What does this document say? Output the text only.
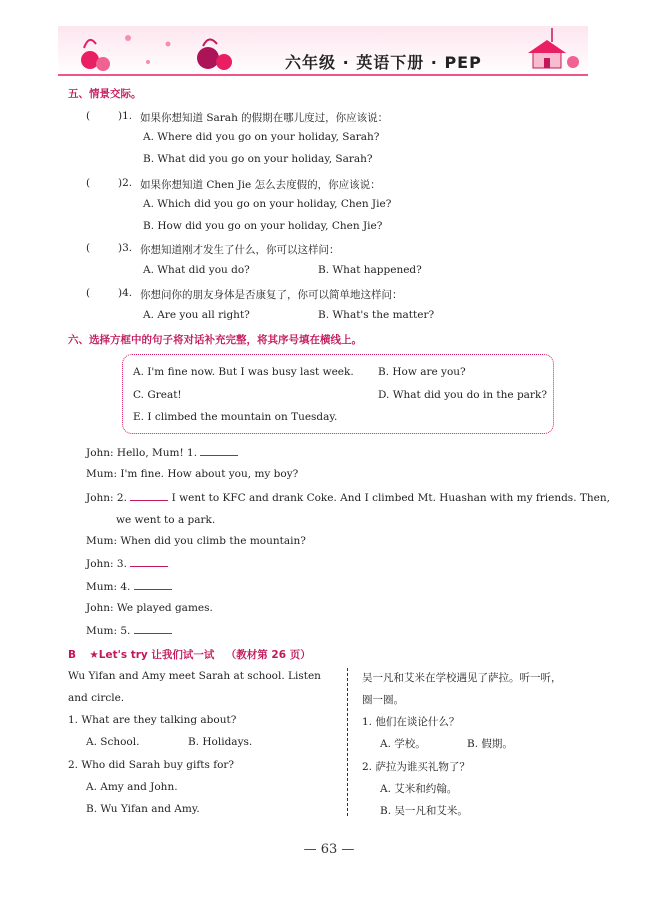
六年级 · 英语下册 · PEP
五、情景交际。
(	)1. 如果你想知道 Sarah 的假期在哪儿度过，你应该说：
A. Where did you go on your holiday, Sarah?
B. What did you go on your holiday, Sarah?
(	)2. 如果你想知道 Chen Jie 怎么去度假的，你应该说：
A. Which did you go on your holiday, Chen Jie?
B. How did you go on your holiday, Chen Jie?
(	)3. 你想知道刚才发生了什么，你可以这样问：
A. What did you do?	B. What happened?
(	)4. 你想问你的朋友身体是否康复了，你可以简单地这样问：
A. Are you all right?	B. What's the matter?
六、选择方框中的句子将对话补充完整，将其序号填在横线上。
A. I'm fine now. But I was busy last week. B. How are you?
C. Great!	D. What did you do in the park?
E. I climbed the mountain on Tuesday.
John: Hello, Mum! 1.
Mum: I'm fine. How about you, my boy?
John: 2.	I went to KFC and drank Coke. And I climbed Mt. Huashan with my friends. Then,
we went to a park.
Mum: When did you climb the mountain?
John: 3.
Mum: 4.
John: We played games.
Mum: 5.
B ★Let's try 让我们试一试 （教材第 26 页）
Wu Yifan and Amy meet Sarah at school. Listen
and circle.
1. What are they talking about?
A. School.	B. Holidays.
2. Who did Sarah buy gifts for?
A. Amy and John.
B. Wu Yifan and Amy.
吴一凡和艾米在学校遇见了萨拉。听一听，
圈一圈。
1. 他们在谈论什么？
A. 学校。	B. 假期。
2. 萨拉为谁买礼物了？
A. 艾米和约翰。
B. 吴一凡和艾米。
— 63 —
